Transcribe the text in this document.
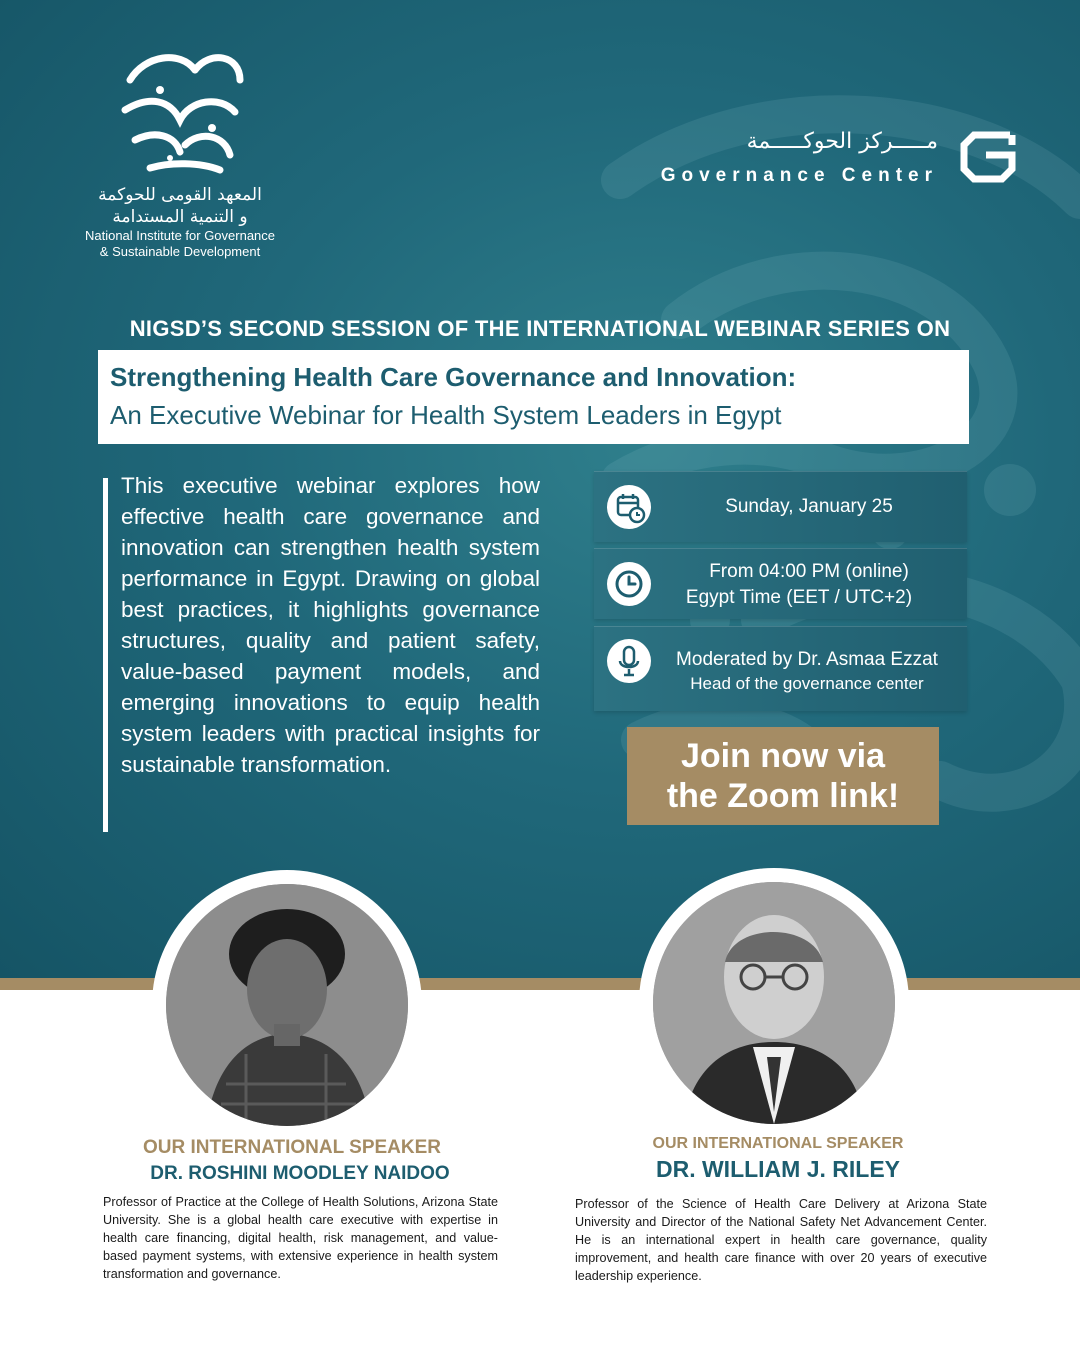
المعهد القومى للحوكمة
و التنمية المستدامة
National Institute for Governance
& Sustainable Development
مـــــركز الحوكـــــمة
Governance Center
NIGSD’S SECOND SESSION OF THE INTERNATIONAL WEBINAR SERIES ON
Strengthening Health Care Governance and Innovation:
An Executive Webinar for Health System Leaders in Egypt
This executive webinar explores how effective health care governance and innovation can strengthen health system performance in Egypt. Drawing on global best practices, it highlights governance structures, quality and patient safety, value-based payment models, and emerging innovations to equip health system leaders with practical insights for sustainable transformation.
Sunday, January 25
From 04:00 PM (online)
Egypt Time (EET / UTC+2)
Moderated by Dr. Asmaa Ezzat
Head of the governance center
Join now via
the Zoom link!
OUR INTERNATIONAL SPEAKER
DR. ROSHINI MOODLEY NAIDOO
Professor of Practice at the College of Health Solutions, Arizona State University. She is a global health care executive with expertise in health care financing, digital health, risk management, and value-based payment systems, with extensive experience in health system transformation and governance.
OUR INTERNATIONAL SPEAKER
DR. WILLIAM J. RILEY
Professor of the Science of Health Care Delivery at Arizona State University and Director of the National Safety Net Advancement Center. He is an international expert in health care governance, quality improvement, and health care finance with over 20 years of executive leadership experience.
